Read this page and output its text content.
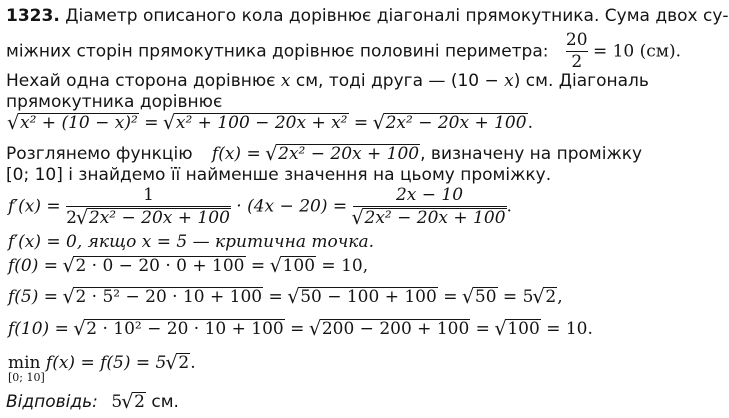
1323. Діаметр описаного кола дорівнює діагоналі прямокутника. Сума двох су-
міжних сторін прямокутника дорівнює половині периметра: $\frac{20}{2} = 10$ (см).
Нехай одна сторона дорівнює x см, тоді друга — (10 − x) см. Діагональ
прямокутника дорівнює
√ x² + (10 − x)² = √ x² + 100 − 20x + x² = √ 2x² − 20x + 100.
Розглянемо функцію f(x) = √ 2x² − 20x + 100, визначену на проміжку
[0; 10] і знайдемо її найменше значення на цьому проміжку.
$f'(x) = \frac{1}{\text{2 √ 2x² − 20x + 100}} \cdot (4x - 20) = 2x - 10$
√ 2x² − 20x + 100 .
f′(x) = 0, якщо x = 5 — критична точка.
f(0) = √ 2 · 0 − 20 · 0 + 100 = √ 100 = 10,
f(5) = √ 2 · 5² − 20 · 10 + 100 = √ 50 − 100 + 100 = √ 50 = 5 √ 2,
f(10) = √ 2 · 10² − 20 · 10 + 100 = √ 200 − 200 + 100 = √ 100 = 10.
min
[0; 10]
f(x) = f(5) = 5 √ 2.
Відповідь: 5 √ 2 см.
